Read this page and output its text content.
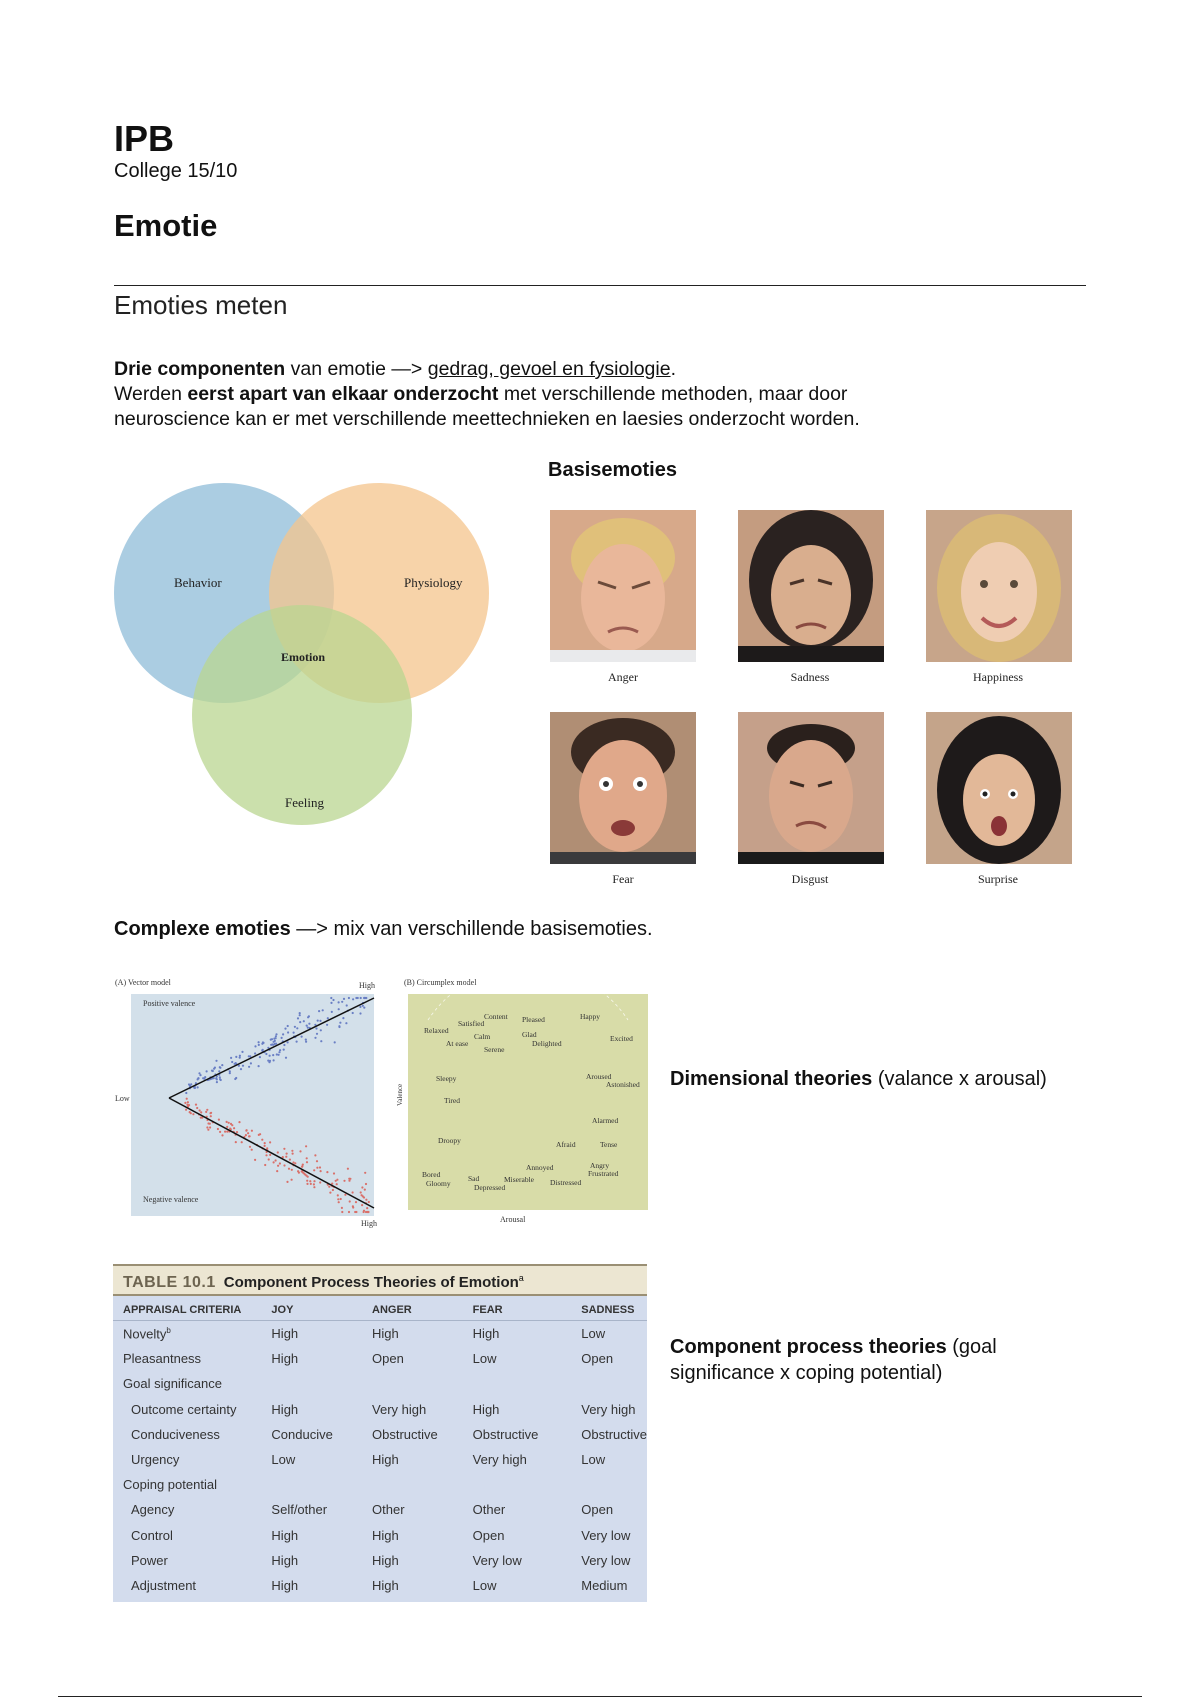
IPB
College 15/10
Emotie
Emoties meten
Drie componenten van emotie —> gedrag, gevoel en fysiologie.
Werden eerst apart van elkaar onderzocht met verschillende methoden, maar door
neuroscience kan er met verschillende meettechnieken en laesies onderzocht worden.
Behavior	Physiology
Emotion
Feeling
Basisemoties
Anger	Sadness	Happiness
Fear	Disgust	Surprise
Complexe emoties —> mix van verschillende basisemoties.
(A) Vector model	High
Positive valence
Negative valence
Low
High
(B) Circumplex model
Valence
Arousal
Content
Satisfied	Pleased	Happy
Relaxed
Calm
At ease
Serene
Glad
Delighted
Excited
Sleepy	Aroused
Astonished
Tired
Alarmed
Droopy	Afraid	Tense
Annoyed	Angry
Frustrated
Bored	Sad	Miserable Distressed
Gloomy	Depressed
Dimensional theories (valance x arousal)
TABLE 10.1 Component Process Theories of Emotion$^a$
APPRAISAL CRITERIA	JOY	ANGER	FEAR	SADNESS
Novelty$^b$	High	High	High	Low
Pleasantness	High	Open	Low	Open
Goal significance				
Outcome certainty	High	Very high	High	Very high
Conduciveness	Conducive	Obstructive	Obstructive	Obstructive
Urgency	Low	High	Very high	Low
Coping potential				
Agency	Self/other	Other	Other	Open
Control	High	High	Open	Very low
Power	High	High	Very low	Very low
Adjustment	High	High	Low	Medium
Component process theories (goal significance x coping potential)
